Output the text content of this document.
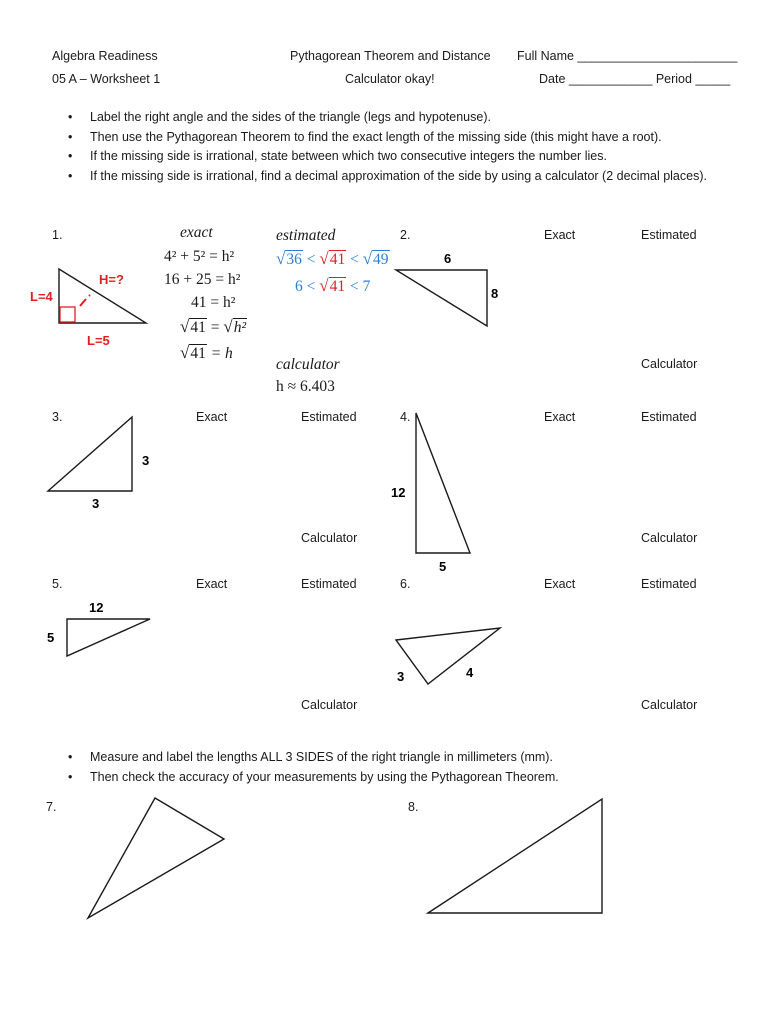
Algebra Readiness	Pythagorean Theorem and Distance Full Name _______________________
05 A – Worksheet 1	Calculator okay!	Date ____________ Period _____
• Label the right angle and the sides of the triangle (legs and hypotenuse).
• Then use the Pythagorean Theorem to find the exact length of the missing side (this might have a root).
• If the missing side is irrational, state between which two consecutive integers the number lies.
• If the missing side is irrational, find a decimal approximation of the side by using a calculator (2 decimal places).
H=?
L=4
L=5
6
8
3
3
12
5
12
5
3	4
1.	exact
4² + 5² = h²
16 + 25 = h²
41 = h²
√41 = √h²
√41 = h
estimated
√36 < √41 < √49
6 < √41 < 7
calculator
h ≈ 6.403
2.	Exact	Estimated
Calculator
3.	Exact	Estimated
Calculator
4.	Exact	Estimated
Calculator
5.	Exact	Estimated
Calculator
6.	Exact	Estimated
Calculator
• Measure and label the lengths ALL 3 SIDES of the right triangle in millimeters (mm).
• Then check the accuracy of your measurements by using the Pythagorean Theorem.
7.	8.
